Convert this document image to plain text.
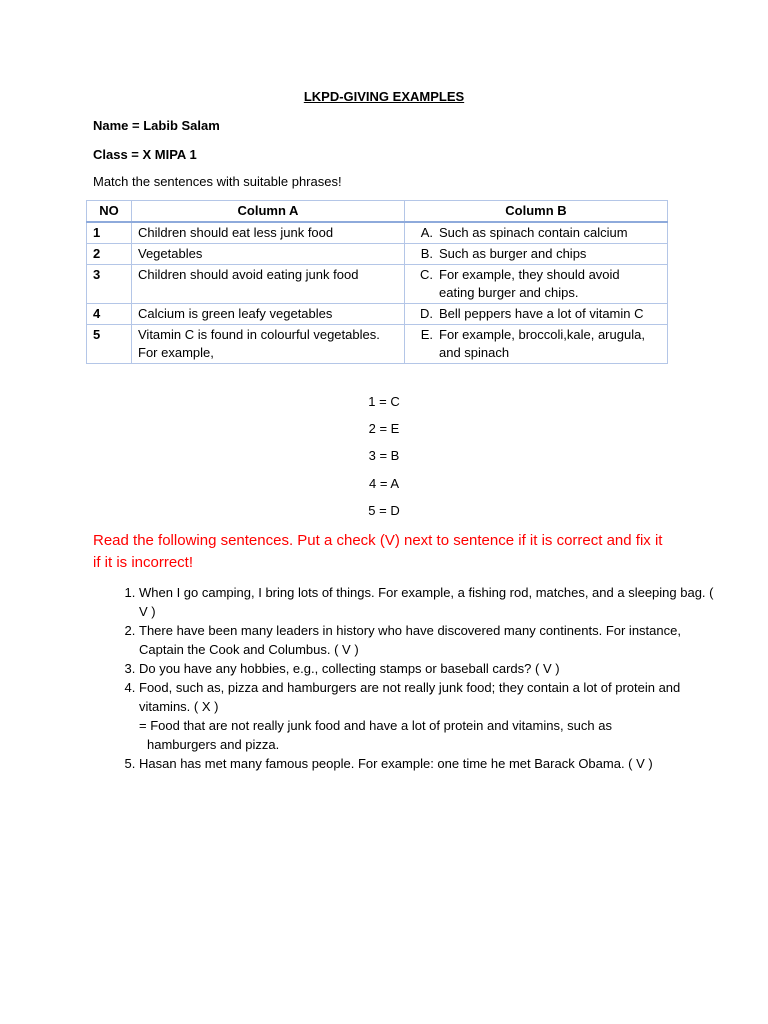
LKPD-GIVING EXAMPLES
Name = Labib Salam
Class = X MIPA 1
Match the sentences with suitable phrases!
NO	Column A	Column B
1	Children should eat less junk food	A. Such as spinach contain calcium
2	Vegetables	B. Such as burger and chips
3	Children should avoid eating junk food	C. For example, they should avoid eating burger and chips.
4	Calcium is green leafy vegetables	D. Bell peppers have a lot of vitamin C
5	Vitamin C is found in colourful vegetables. For example,	E. For example, broccoli,kale, arugula, and spinach
1 = C
2 = E
3 = B
4 = A
5 = D
Read the following sentences. Put a check (V) next to sentence if it is correct and fix it if it is incorrect!
1. When I go camping, I bring lots of things. For example, a fishing rod, matches, and a sleeping bag. ( V )
2. There have been many leaders in history who have discovered many continents. For instance, Captain the Cook and Columbus. ( V )
3. Do you have any hobbies, e.g., collecting stamps or baseball cards? ( V )
4. Food, such as, pizza and hamburgers are not really junk food; they contain a lot of protein and vitamins. ( X )
= Food that are not really junk food and have a lot of protein and vitamins, such as
hamburgers and pizza.
5. Hasan has met many famous people. For example: one time he met Barack Obama. ( V )
